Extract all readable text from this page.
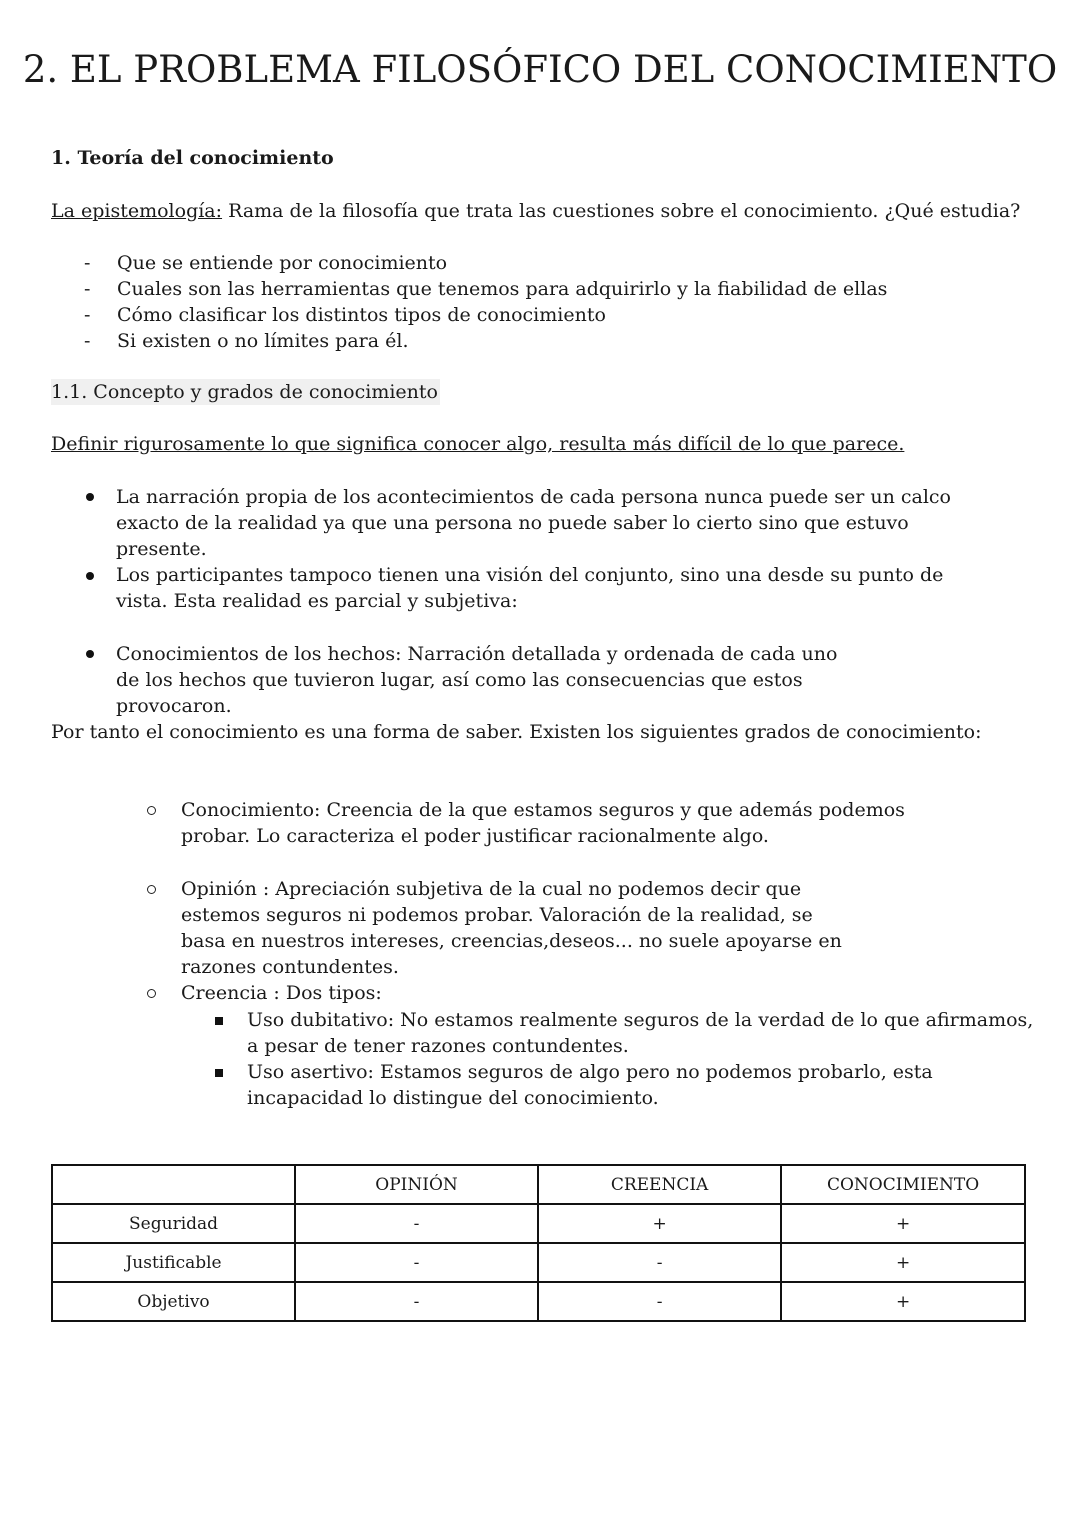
2. EL PROBLEMA FILOSÓFICO DEL CONOCIMIENTO
1. Teoría del conocimiento
La epistemología: Rama de la filosofía que trata las cuestiones sobre el conocimiento. ¿Qué estudia?
- Que se entiende por conocimiento
- Cuales son las herramientas que tenemos para adquirirlo y la fiabilidad de ellas
- Cómo clasificar los distintos tipos de conocimiento
- Si existen o no límites para él.
1.1. Concepto y grados de conocimiento
Definir rigurosamente lo que significa conocer algo, resulta más difícil de lo que parece.
La narración propia de los acontecimientos de cada persona nunca puede ser un calco exacto de la realidad ya que una persona no puede saber lo cierto sino que estuvo presente.
Los participantes tampoco tienen una visión del conjunto, sino una desde su punto de vista. Esta realidad es parcial y subjetiva:
Conocimientos de los hechos: Narración detallada y ordenada de cada uno de los hechos que tuvieron lugar, así como las consecuencias que estos provocaron.
Por tanto el conocimiento es una forma de saber. Existen los siguientes grados de conocimiento:
Conocimiento: Creencia de la que estamos seguros y que además podemos probar. Lo caracteriza el poder justificar racionalmente algo.
Opinión : Apreciación subjetiva de la cual no podemos decir que estemos seguros ni podemos probar. Valoración de la realidad, se basa en nuestros intereses, creencias,deseos... no suele apoyarse en razones contundentes.
Creencia : Dos tipos:
Uso dubitativo: No estamos realmente seguros de la verdad de lo que afirmamos, a pesar de tener razones contundentes.
Uso asertivo: Estamos seguros de algo pero no podemos probarlo, esta incapacidad lo distingue del conocimiento.
	OPINIÓN	CREENCIA	CONOCIMIENTO
Seguridad	-	+	+
Justificable	-	-	+
Objetivo	-	-	+
